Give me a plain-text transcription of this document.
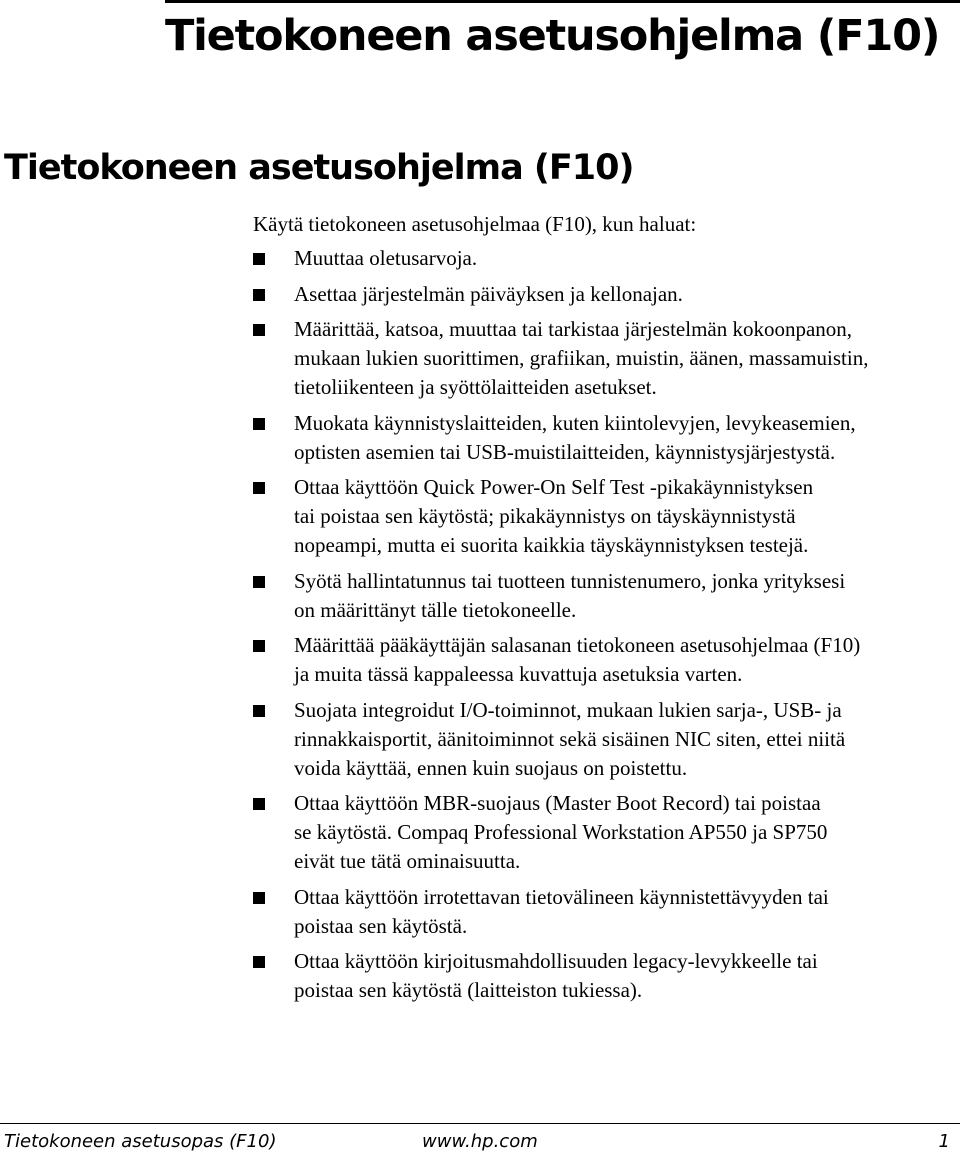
Tietokoneen asetusohjelma (F10)
Tietokoneen asetusohjelma (F10)

Käytä tietokoneen asetusohjelmaa (F10), kun haluat:

Muuttaa oletusarvoja.
Asettaa järjestelmän päiväyksen ja kellonajan.
Määrittää, katsoa, muuttaa tai tarkistaa järjestelmän kokoonpanon,
mukaan lukien suorittimen, grafiikan, muistin, äänen, massamuistin,
tietoliikenteen ja syöttölaitteiden asetukset.
Muokata käynnistyslaitteiden, kuten kiintolevyjen, levykeasemien,
optisten asemien tai USB-muistilaitteiden, käynnistysjärjestystä.
Ottaa käyttöön Quick Power-On Self Test -pikakäynnistyksen
tai poistaa sen käytöstä; pikakäynnistys on täyskäynnistystä
nopeampi, mutta ei suorita kaikkia täyskäynnistyksen testejä.
Syötä hallintatunnus tai tuotteen tunnistenumero, jonka yrityksesi
on määrittänyt tälle tietokoneelle.
Määrittää pääkäyttäjän salasanan tietokoneen asetusohjelmaa (F10)
ja muita tässä kappaleessa kuvattuja asetuksia varten.
Suojata integroidut I/O-toiminnot, mukaan lukien sarja-, USB- ja
rinnakkaisportit, äänitoiminnot sekä sisäinen NIC siten, ettei niitä
voida käyttää, ennen kuin suojaus on poistettu.
Ottaa käyttöön MBR-suojaus (Master Boot Record) tai poistaa
se käytöstä. Compaq Professional Workstation AP550 ja SP750
eivät tue tätä ominaisuutta.
Ottaa käyttöön irrotettavan tietovälineen käynnistettävyyden tai
poistaa sen käytöstä.
Ottaa käyttöön kirjoitusmahdollisuuden legacy-levykkeelle tai
poistaa sen käytöstä (laitteiston tukiessa).
Tietokoneen asetusopas (F10)	www.hp.com	1
